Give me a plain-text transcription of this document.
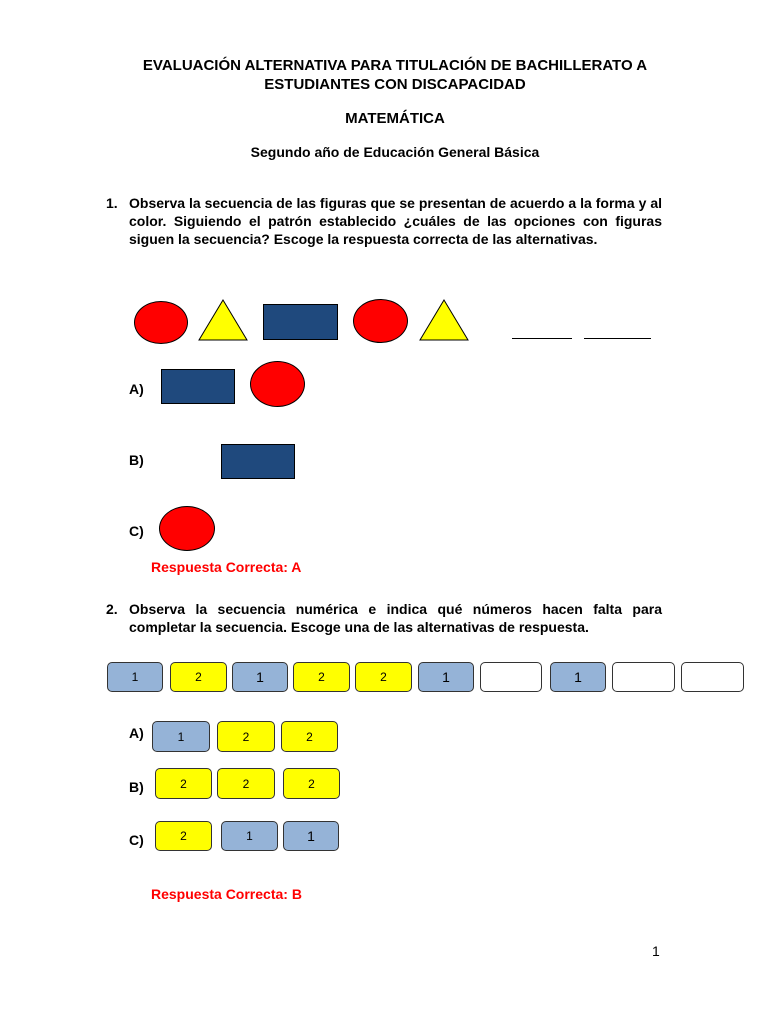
EVALUACIÓN ALTERNATIVA PARA TITULACIÓN DE BACHILLERATO A
ESTUDIANTES CON DISCAPACIDAD
MATEMÁTICA
Segundo año de Educación General Básica
1. Observa la secuencia de las figuras que se presentan de acuerdo a la forma y al color. Siguiendo el patrón establecido ¿cuáles de las opciones con figuras siguen la secuencia? Escoge la respuesta correcta de las alternativas.
A)
B)
C)
Respuesta Correcta: A
2. Observa la secuencia numérica e indica qué números hacen falta para completar la secuencia. Escoge una de las alternativas de respuesta.
1	2	1	2	2	1	1
A)	1	2	2
B)	2	2	2
C)	2	1	1
Respuesta Correcta: B
1
